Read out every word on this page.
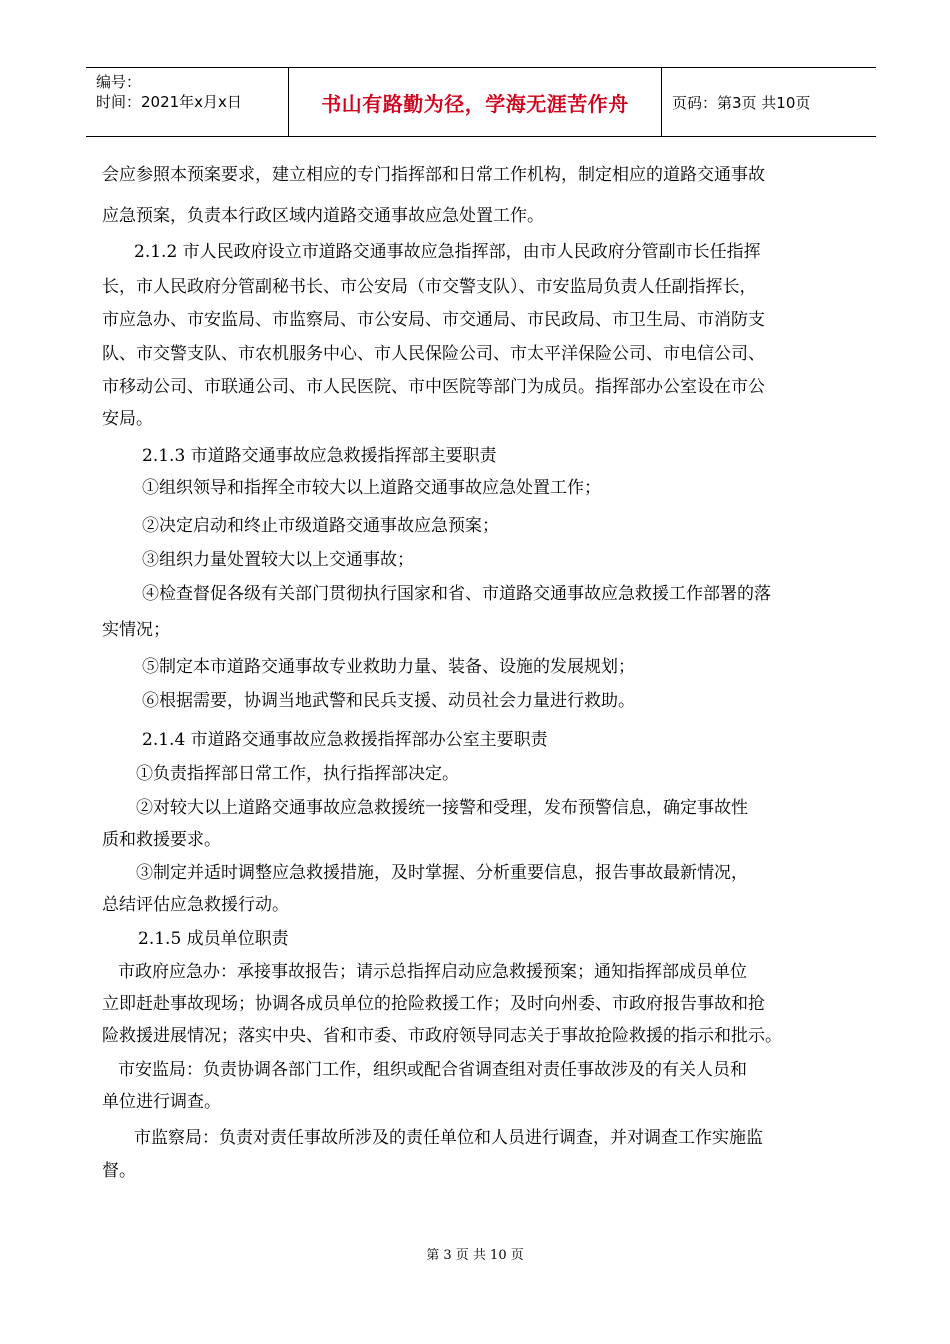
编号：
时间：2021年x月x日	书山有路勤为径，学海无涯苦作舟	页码：第3页 共10页
会应参照本预案要求，建立相应的专门指挥部和日常工作机构，制定相应的道路交通事故
应急预案，负责本行政区域内道路交通事故应急处置工作。
2.1.2 市人民政府设立市道路交通事故应急指挥部，由市人民政府分管副市长任指挥
长，市人民政府分管副秘书长、市公安局（市交警支队）、市安监局负责人任副指挥长，
市应急办、市安监局、市监察局、市公安局、市交通局、市民政局、市卫生局、市消防支
队、市交警支队、市农机服务中心、市人民保险公司、市太平洋保险公司、市电信公司、
市移动公司、市联通公司、市人民医院、市中医院等部门为成员。指挥部办公室设在市公
安局。
2.1.3 市道路交通事故应急救援指挥部主要职责
①组织领导和指挥全市较大以上道路交通事故应急处置工作；
②决定启动和终止市级道路交通事故应急预案；
③组织力量处置较大以上交通事故；
④检查督促各级有关部门贯彻执行国家和省、市道路交通事故应急救援工作部署的落
实情况；
⑤制定本市道路交通事故专业救助力量、装备、设施的发展规划；
⑥根据需要，协调当地武警和民兵支援、动员社会力量进行救助。
2.1.4 市道路交通事故应急救援指挥部办公室主要职责
①负责指挥部日常工作，执行指挥部决定。
②对较大以上道路交通事故应急救援统一接警和受理，发布预警信息，确定事故性
质和救援要求。
③制定并适时调整应急救援措施，及时掌握、分析重要信息，报告事故最新情况，
总结评估应急救援行动。
2.1.5 成员单位职责
市政府应急办：承接事故报告；请示总指挥启动应急救援预案；通知指挥部成员单位
立即赶赴事故现场；协调各成员单位的抢险救援工作；及时向州委、市政府报告事故和抢
险救援进展情况；落实中央、省和市委、市政府领导同志关于事故抢险救援的指示和批示。
市安监局：负责协调各部门工作，组织或配合省调查组对责任事故涉及的有关人员和
单位进行调查。
市监察局：负责对责任事故所涉及的责任单位和人员进行调查，并对调查工作实施监
督。
第 3 页 共 10 页
